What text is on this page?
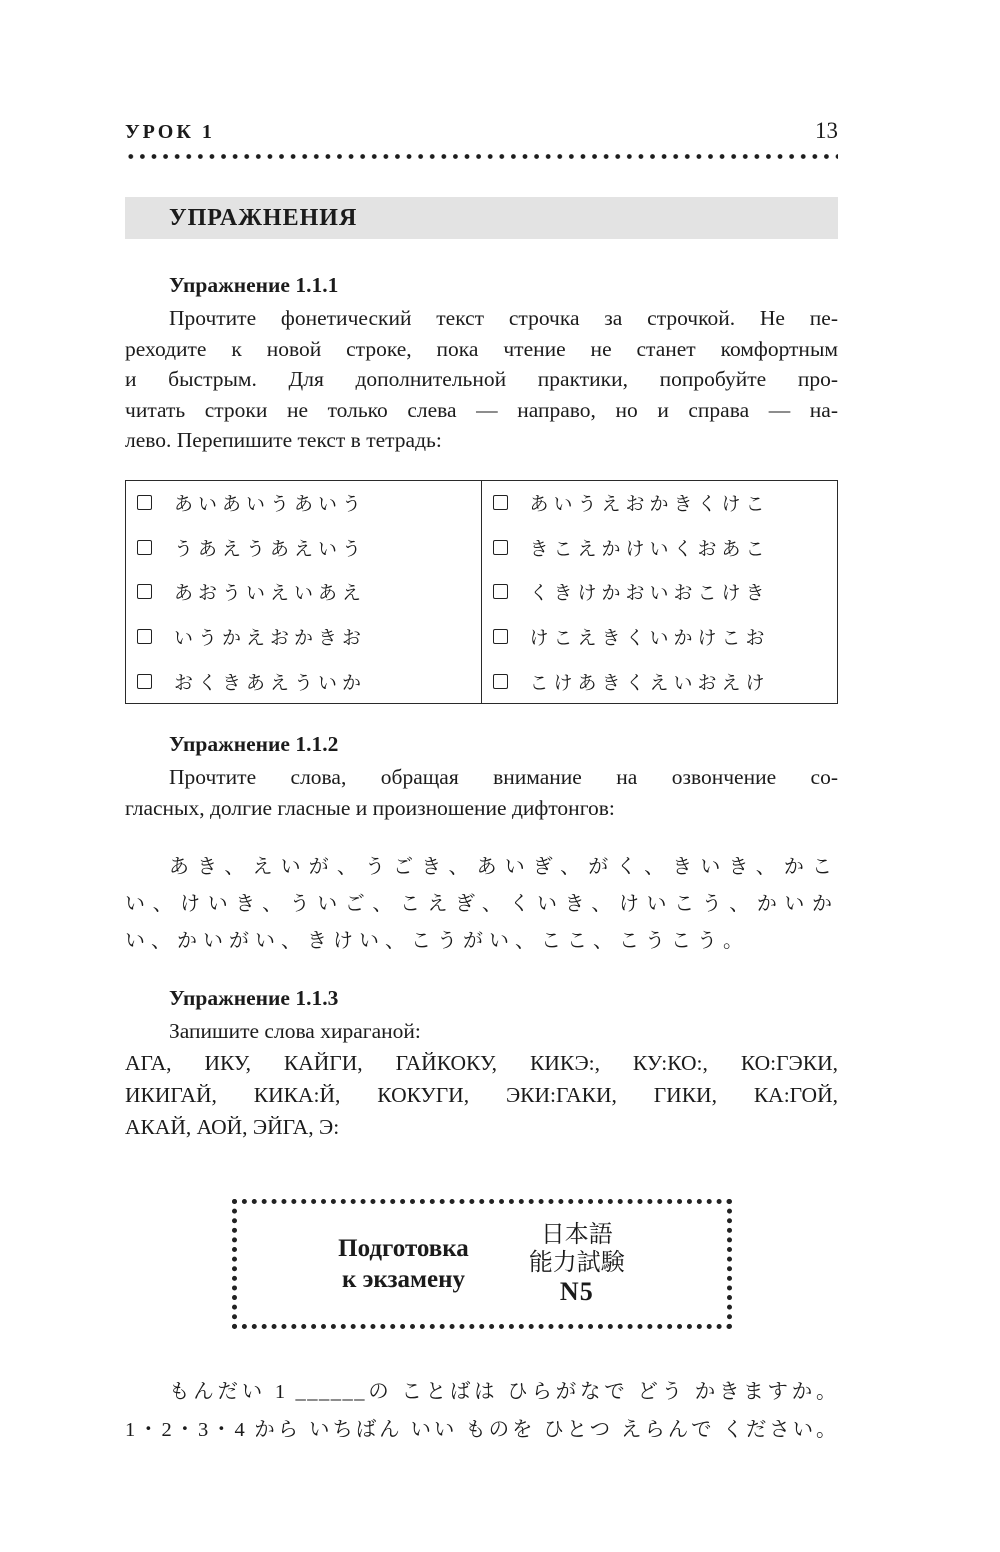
УРОК 1	13
УПРАЖНЕНИЯ
Упражнение 1.1.1
Прочтите фонетический текст строчка за строчкой. Не пе-
реходите к новой строке, пока чтение не станет комфортным
и быстрым. Для дополнительной практики, попробуйте про-
читать строки не только слева — направо, но и справа — на-
лево. Перепишите текст в тетрадь:
あいあいうあいう	あいうえおかきくけこ
うあえうあえいう	きこえかけいくおあこ
あおういえいあえ	くきけかおいおこけき
いうかえおかきお	けこえきくいかけこお
おくきあえういか	こけあきくえいおえけ
Упражнение 1.1.2
Прочтите слова, обращая внимание на озвончение со-
гласных, долгие гласные и произношение дифтонгов:
あき、えいが、うごき、あいぎ、がく、きいき、かこ
い、けいき、ういご、こえぎ、くいき、けいこう、かいか
い、かいがい、きけい、こうがい、ここ、こうこう。
Упражнение 1.1.3
Запишите слова хираганой:
АГА, ИКУ, КАЙГИ, ГАЙКОКУ, КИКЭ:, КУ:КО:, КО:ГЭКИ,
ИКИГАЙ, КИКА:Й, КОКУГИ, ЭКИ:ГАКИ, ГИКИ, КА:ГОЙ,
АКАЙ, АОЙ, ЭЙГА, Э:
Подготовка
к экзамену
日本語
能力試験
N5
もんだい 1 ______の ことばは ひらがなで どう かきますか。
1・2・3・4 から いちばん いい ものを ひとつ えらんで ください。
